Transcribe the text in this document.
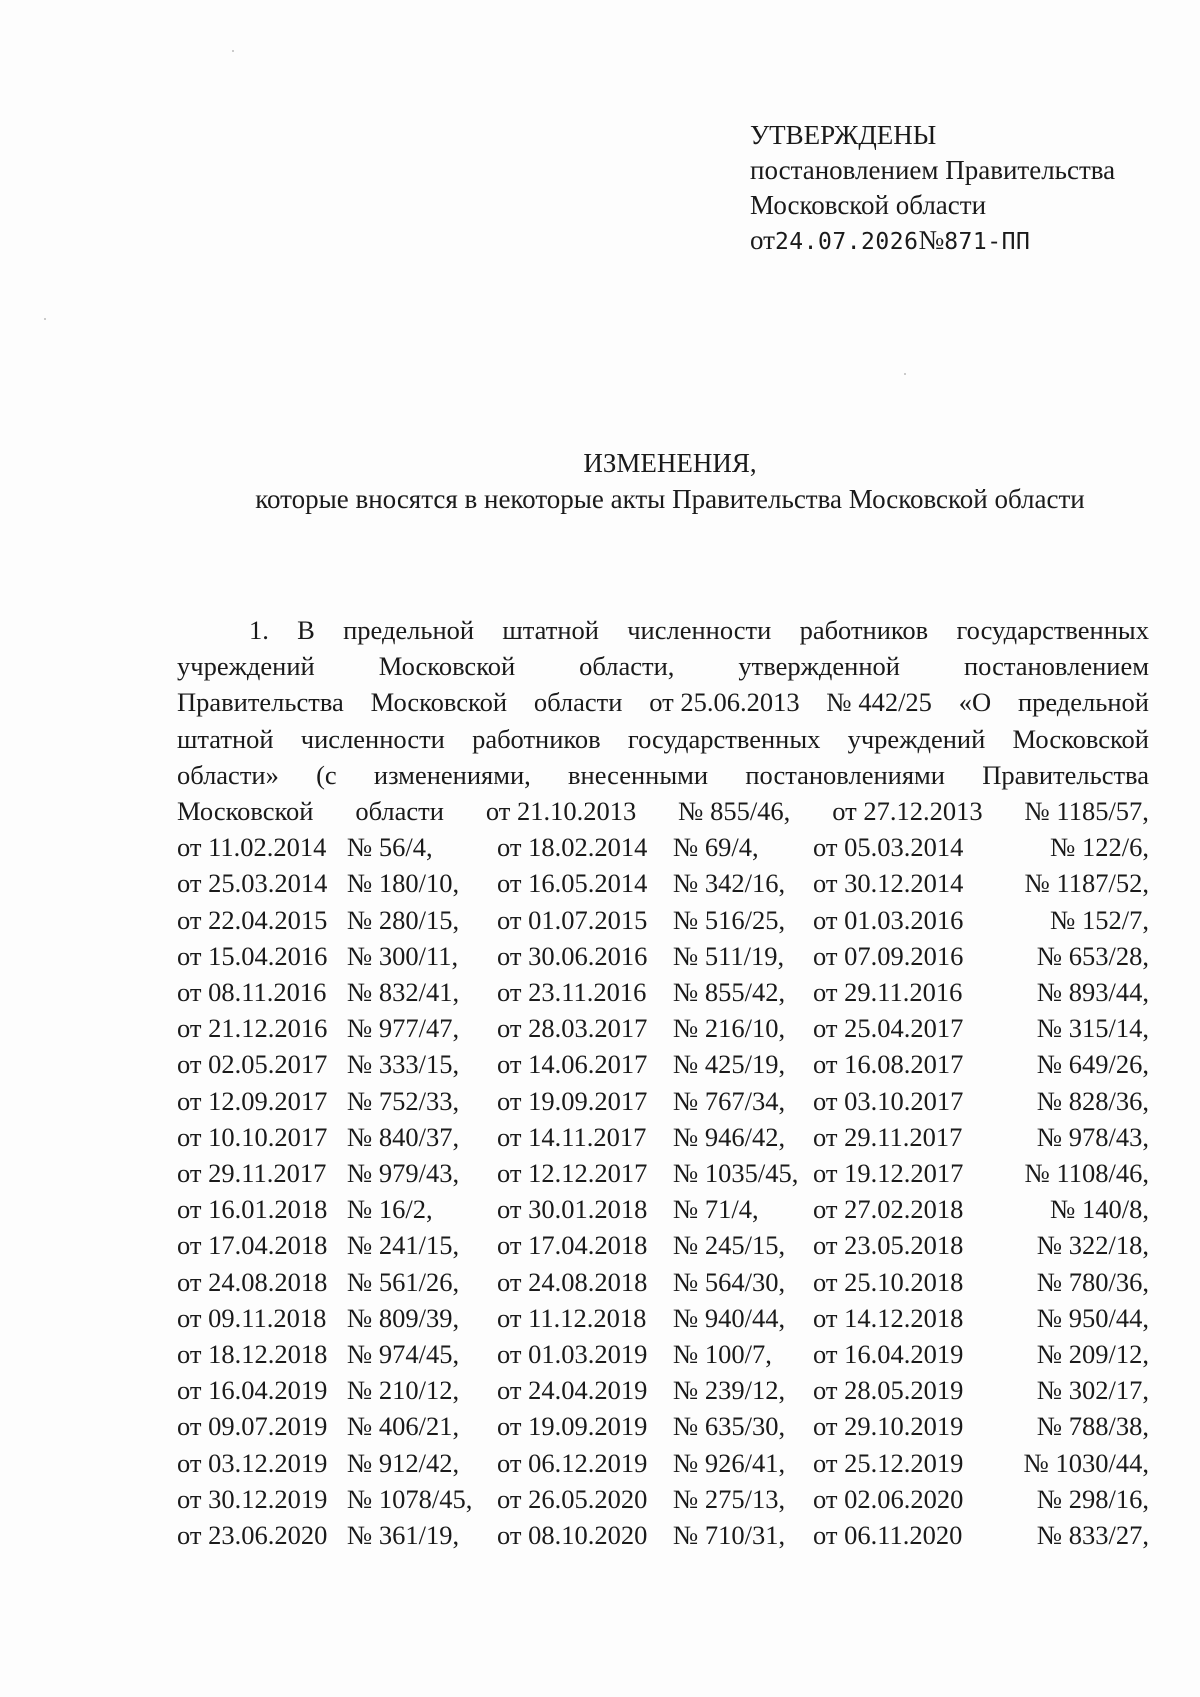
УТВЕРЖДЕНЫ
постановлением Правительства
Московской области
от24.07.2026№871-ПП
ИЗМЕНЕНИЯ,
которые вносятся в некоторые акты Правительства Московской области
1. В предельной штатной численности работников государственных
учреждений Московской области, утвержденной постановлением
Правительства Московской области от 25.06.2013 № 442/25 «О предельной
штатной численности работников государственных учреждений Московской
области» (с изменениями, внесенными постановлениями Правительства
Московской области от 21.10.2013 № 855/46, от 27.12.2013 № 1185/57,
от 11.02.2014 № 56/4,	от 18.02.2014 № 69/4,	от 05.03.2014	№ 122/6,
от 25.03.2014 № 180/10,	от 16.05.2014 № 342/16,	от 30.12.2014	№ 1187/52,
от 22.04.2015 № 280/15,	от 01.07.2015 № 516/25,	от 01.03.2016	№ 152/7,
от 15.04.2016 № 300/11,	от 30.06.2016 № 511/19,	от 07.09.2016	№ 653/28,
от 08.11.2016 № 832/41,	от 23.11.2016	№ 855/42,	от 29.11.2016	№ 893/44,
от 21.12.2016 № 977/47,	от 28.03.2017 № 216/10,	от 25.04.2017	№ 315/14,
от 02.05.2017 № 333/15,	от 14.06.2017 № 425/19,	от 16.08.2017	№ 649/26,
от 12.09.2017 № 752/33,	от 19.09.2017 № 767/34,	от 03.10.2017	№ 828/36,
от 10.10.2017 № 840/37,	от 14.11.2017	№ 946/42,	от 29.11.2017	№ 978/43,
от 29.11.2017 № 979/43,	от 12.12.2017 № 1035/45, от 19.12.2017	№ 1108/46,
от 16.01.2018 № 16/2,	от 30.01.2018 № 71/4,	от 27.02.2018	№ 140/8,
от 17.04.2018 № 241/15,	от 17.04.2018 № 245/15,	от 23.05.2018	№ 322/18,
от 24.08.2018 № 561/26,	от 24.08.2018 № 564/30,	от 25.10.2018	№ 780/36,
от 09.11.2018 № 809/39,	от 11.12.2018	№ 940/44,	от 14.12.2018	№ 950/44,
от 18.12.2018 № 974/45,	от 01.03.2019 № 100/7,	от 16.04.2019	№ 209/12,
от 16.04.2019 № 210/12,	от 24.04.2019 № 239/12,	от 28.05.2019	№ 302/17,
от 09.07.2019 № 406/21,	от 19.09.2019 № 635/30,	от 29.10.2019	№ 788/38,
от 03.12.2019 № 912/42,	от 06.12.2019 № 926/41,	от 25.12.2019	№ 1030/44,
от 30.12.2019 № 1078/45, от 26.05.2020 № 275/13,	от 02.06.2020	№ 298/16,
от 23.06.2020 № 361/19,	от 08.10.2020 № 710/31,	от 06.11.2020	№ 833/27,
